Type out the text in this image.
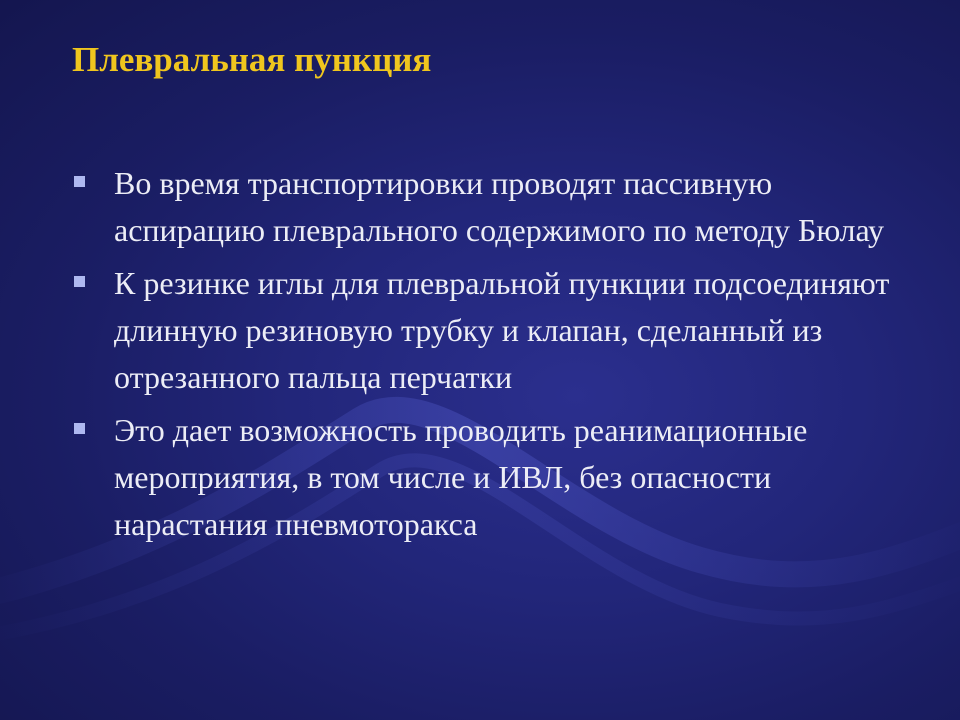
Плевральная пункция
Во время транспортировки проводят пассивную аспирацию плеврального содержимого по методу Бюлау
К резинке иглы для плевральной пункции подсоединяют длинную резиновую трубку и клапан, сделанный из отрезанного пальца перчатки
Это дает возможность проводить реанимационные мероприятия, в том числе и ИВЛ, без опасности нарастания пневмоторакса
